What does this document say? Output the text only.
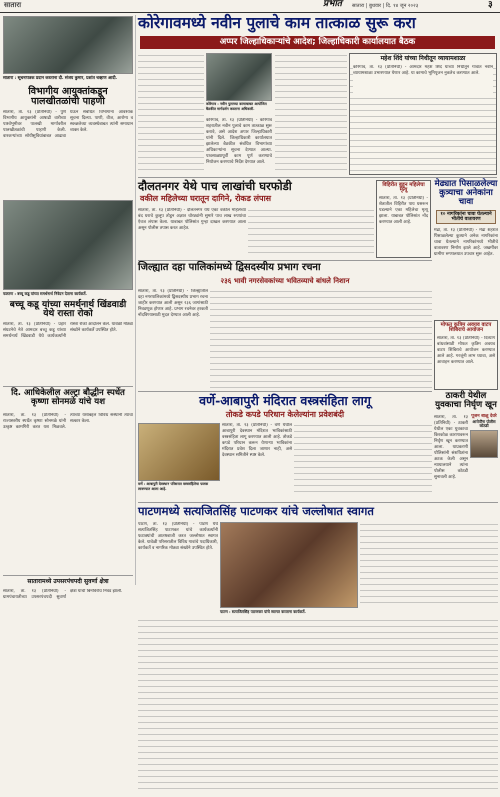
सातारा	प्रभात सातारा | बुधवार | दि. १४ जून २०२३	३
सातारा : सूचनापत्रक प्रदान करताना दौ. संजय कुमार, प्रशांत चव्हाण आदी.
विभागीय आयुक्तांकडून पालखीतळांची पाहणी
सातारा, ता. १३ (प्रतिनिधी) - पुणे विभागीय आयुक्तांनी आषाढी वारीच्या पार्श्वभूमीवर पालखी मार्गावरील पालखीतळांची पाहणी केली. वारकऱ्यांच्या सोयीसुविधांबाबत आढावा घेऊन संबंधित विभागांना आवश्यक सूचना दिल्या. पाणी, वीज, आरोग्य व स्वच्छतेच्या व्यवस्थेबाबत त्यांनी समाधान व्यक्त केले.
फलटण : बच्चू कडू यांच्या समर्थनार्थ निवेदन देताना कार्यकर्ते.
बच्चू कडू यांच्या समर्थनार्थ खिंडवाडी येथे रास्ता रोको
सातारा, ता. १३ (प्रतिनिधी) - प्रहार संघटनेचे नेते आमदार बच्चू कडू यांच्या समर्थनार्थ खिंडवाडी येथे कार्यकर्त्यांनी रास्ता रोको आंदोलन केले. यावेळी मोठ्या संख्येने कार्यकर्ते उपस्थित होते.
दि. आधिकेलील अल्ट्रा बौद्धीन स्पर्धेत कृष्णा सोनमळे यांचे यश
सातारा, ता. १३ (प्रतिनिधी) - राज्यस्तरीय स्पर्धेत कृष्णा सोनमळे यांनी उत्कृष्ट कामगिरी करत यश मिळवले. त्यांच्या यशाबद्दल विविध संस्थांनी त्यांचा सत्कार केला.
सातारामध्ये उपसरपंचपदी सुवर्णा क्षेत्रा
सातारा, ता. १३ (प्रतिनिधी) - ग्रामपंचायतीच्या उपसरपंचपदी सुवर्णा क्षेत्रा यांची बिनविरोध निवड झाली.
कोरेगावमध्ये नवीन पुलाचे काम तात्काळ सुरू करा
अप्पर जिल्हाधिकाऱ्यांचे आदेश; जिल्हाधिकारी कार्यालयात बैठक
कोरेगाव : नवीन पुलाच्या कामाबाबत आयोजित बैठकीत मार्गदर्शन करताना अधिकारी.
कोरेगाव, ता. १३ (प्रतिनिधी) - कोरेगाव शहरातील नवीन पुलाचे काम तात्काळ सुरू करावे, असे आदेश अप्पर जिल्हाधिकारी यांनी दिले. जिल्हाधिकारी कार्यालयात झालेल्या बैठकीत संबंधित विभागांच्या अधिकाऱ्यांना सूचना देण्यात आल्या. पावसाळ्यापूर्वी काम पूर्ण करण्याचे नियोजन करण्याचे निर्देश देण्यात आले.
महेश शिंदे यांच्या निधीतून व्यायामशाळा
कोरेगाव, ता. १३ (प्रतिनिधी) - आमदार महेश शिंदे यांच्या निधीतून गावात नवीन व्यायामशाळा उभारण्यात येणार आहे. या कामाचे भूमिपूजन नुकतेच करण्यात आले.
दौलतनगर येथे पाच लाखांची घरफोडी
वकील महिलेच्या घरातून दागिने, रोकड लंपास
सातारा, ता. १३ (प्रतिनिधी) - दौलतनगर येथे एका वकील महिलेच्या बंद घराचे कुलूप तोडून अज्ञात चोरट्यांनी सुमारे पाच लाख रुपयांचा ऐवज लंपास केला. याबाबत पोलिसांत गुन्हा दाखल करण्यात आला असून पोलीस तपास करत आहेत.
विहिरीत बुडून महिलेचा मृत्यू
सातारा, ता. १३ (प्रतिनिधी) - शेतातील विहिरीत पाय घसरून पडल्याने एका महिलेचा मृत्यू झाला. याबाबत पोलिसांत नोंद करण्यात आली आहे.
मेढ्यात पिसाळलेल्या कुत्र्याचा अनेकांना चावा
१० नागरिकांना चावा घेतल्याने भीतीचे वातावरण
मेढा, ता. १३ (प्रतिनिधी) - मेढा शहरात पिसाळलेल्या कुत्र्याने अनेक नागरिकांना चावा घेतल्याने नागरिकांमध्ये भीतीचे वातावरण निर्माण झाले आहे. जखमींवर ग्रामीण रुग्णालयात उपचार सुरू आहेत.
जिल्ह्यात दहा पालिकांमध्ये द्विसदस्यीय प्रभाग रचना
२३६ भावी नगरसेवकांच्या भवितव्याचे बांधले निशान
सातारा, ता. १३ (प्रतिनिधी) - जिल्ह्यातील दहा नगरपालिकांमध्ये द्विसदस्यीय प्रभाग रचना जाहीर करण्यात आली असून २३६ जागांसाठी निवडणूक होणार आहे. प्रभाग रचनेवर हरकती नोंदविण्यासाठी मुदत देण्यात आली आहे.
मोफत कृत्रिम अवयव वाटप शिबिराचे आयोजन
सातारा, ता. १३ (प्रतिनिधी) - दिव्यांग बांधवांसाठी मोफत कृत्रिम अवयव वाटप शिबिराचे आयोजन करण्यात आले आहे. गरजूंनी लाभ घ्यावा, असे आवाहन करण्यात आले.
वर्णे-आबापुरी मंदिरात वस्त्रसंहिता लागू
तोकडे कपडे परिधान केलेल्यांना प्रवेशबंदी
वर्णे : आबापुरी देवस्थान परिसरात वस्त्रसंहितेचा फलक लावण्यात आला आहे.
सातारा, ता. १३ (प्रतिनिधी) - वर्णे येथील आबापुरी देवस्थान मंदिरात भाविकांसाठी वस्त्रसंहिता लागू करण्यात आली आहे. तोकडे कपडे परिधान करून येणाऱ्या भाविकांना मंदिरात प्रवेश दिला जाणार नाही, असे देवस्थान समितीने स्पष्ट केले.
ठाकरी येथील युवकाचा निर्घृण खून
सातारा, ता. १३ (प्रतिनिधी) - ठाकरी येथील एका युवकाचा किरकोळ कारणावरून निर्घृण खून करण्यात आला. याप्रकरणी पोलिसांनी संशयितांना अटक केली असून न्यायालयाने त्यांना पोलीस कोठडी सुनावली आहे.
पूजन बाळू देवरे
आरोपींना पोलीस कोठडी
पाटणमध्ये सत्यजितसिंह पाटणकर यांचे जल्लोषात स्वागत
पाटण, ता. १३ (प्रतिनिधी) - पाटण येथे सत्यजितसिंह पाटणकर यांचे कार्यकर्त्यांनी फटाक्यांची आतषबाजी करत जल्लोषात स्वागत केले. यावेळी परिसरातील विविध गावांचे पदाधिकारी, कार्यकर्ते व नागरिक मोठ्या संख्येने उपस्थित होते.
पाटण : सत्यजितसिंह पाटणकर यांचे स्वागत करताना कार्यकर्ते.
